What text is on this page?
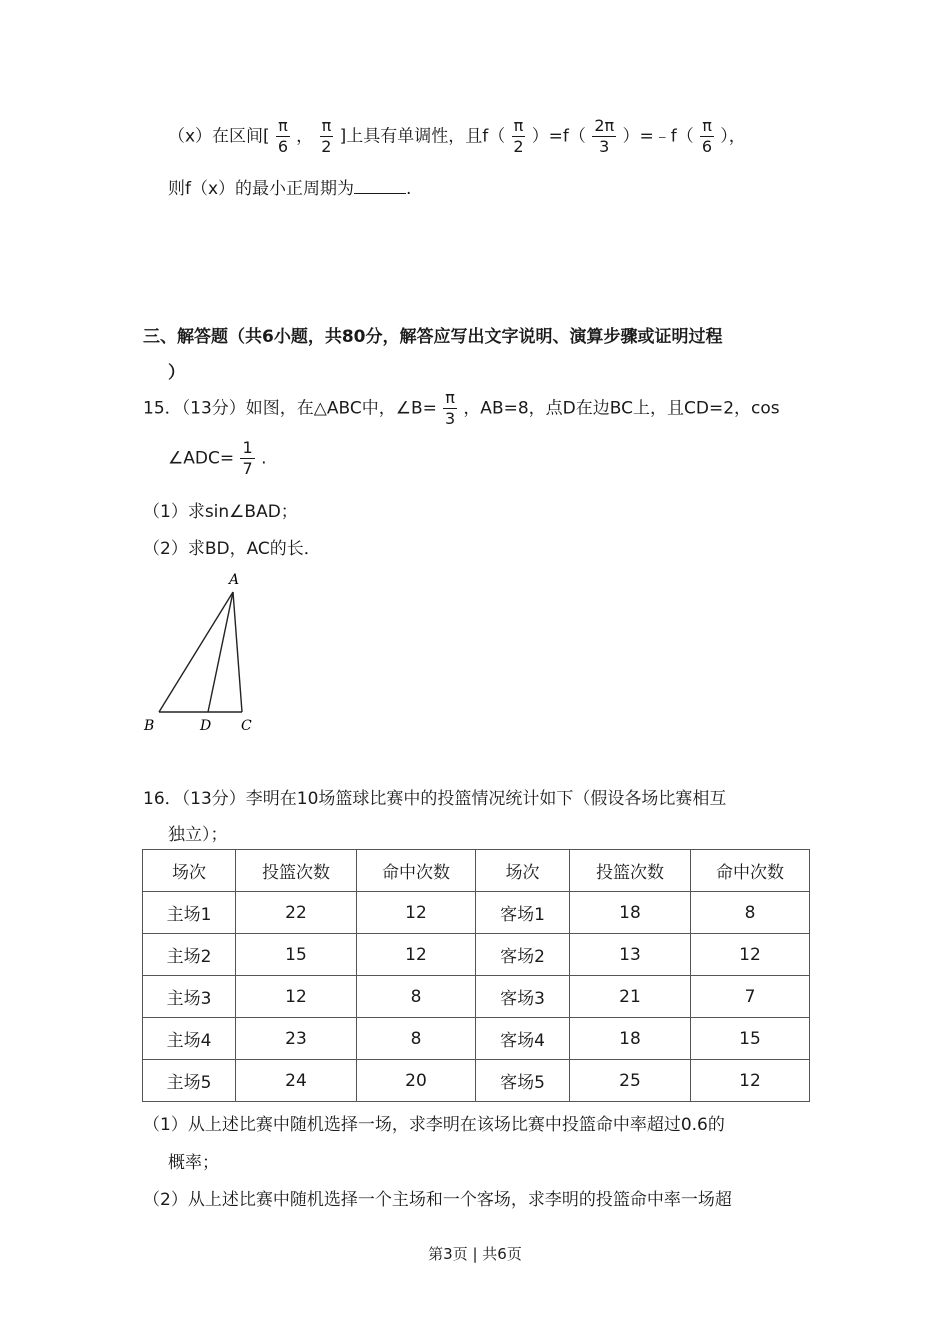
（x）在区间[ $\frac{\pi}{6}$ ， $\frac{\pi}{2}$ ]上具有单调性，且$f( \frac{\pi}{2} )=f( \frac{2\pi}{3}$ ）=﹣f（ $\frac{\pi}{6}$ ），
则f（x）的最小正周期为	.
三、解答题（共6小题，共80分，解答应写出文字说明、演算步骤或证明过程
）
15．（13分）如图，在△ABC中，∠B= $\frac{\pi}{3}$ ，AB=8，点D在边BC上，且CD=2，cos
∠ADC= $\frac{1}{7}$ .
（1）求sin∠BAD；
（2）求BD，AC的长．
A
B	D C
16．（13分）李明在10场篮球比赛中的投篮情况统计如下（假设各场比赛相互
独立）；
场次	投篮次数	命中次数	场次	投篮次数	命中次数
主场1	22	12	客场1	18	8
主场2	15	12	客场2	13	12
主场3	12	8	客场3	21	7
主场4	23	8	客场4	18	15
主场5	24	20	客场5	25	12
（1）从上述比赛中随机选择一场，求李明在该场比赛中投篮命中率超过0.6的
概率；
（2）从上述比赛中随机选择一个主场和一个客场，求李明的投篮命中率一场超
第3页 | 共6页
